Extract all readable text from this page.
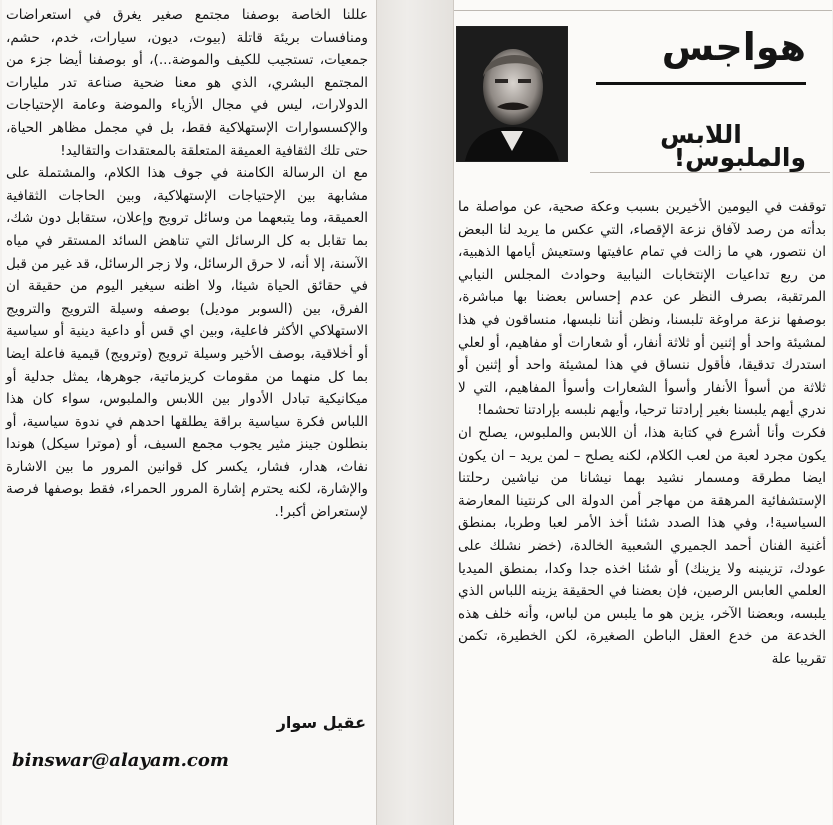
عللنا الخاصة بوصفنا مجتمع صغير يغرق في استعراضات ومنافسات بريئة قاتلة (بيوت، ديون، سيارات، خدم، حشم، جمعيات، تستجيب للكيف والموضة...)، أو بوصفنا أيضا جزء من المجتمع البشري، الذي هو معنا ضحية صناعة تدر مليارات الدولارات، ليس في مجال الأزياء والموضة وعامة الإحتياجات والإكسسوارات الإستهلاكية فقط، بل في مجمل مظاهر الحياة، حتى تلك الثقافية العميقة المتعلقة بالمعتقدات والتقاليد!

مع ان الرسالة الكامنة في جوف هذا الكلام، والمشتملة على مشابهة بين الإحتياجات الإستهلاكية، وبين الحاجات الثقافية العميقة، وما يتبعهما من وسائل ترويج وإعلان، ستقابل دون شك، بما تقابل به كل الرسائل التي تناهض السائد المستقر في مياه الآسنة، إلا أنه، لا حرق الرسائل، ولا زجر الرسائل، قد غير من قبل في حقائق الحياة شيئا، ولا اظنه سيغير اليوم من حقيقة ان الفرق، بين (السوبر موديل) بوصفه وسيلة الترويج والترويج الاستهلاكي الأكثر فاعلية، وبين اي قس أو داعية دينية أو سياسية أو أخلاقية، بوصف الأخير وسيلة ترويج (وترويج) قيمية فاعلة ايضا بما كل منهما من مقومات كريزماتية، جوهرها، يمثل جدلية أو ميكانيكية تبادل الأدوار بين اللابس والملبوس، سواء كان هذا اللباس فكرة سياسية براقة يطلقها احدهم في ندوة سياسية، أو بنطلون جينز مثير يجوب مجمع السيف، أو (موترا سيكل) هوندا نفاث، هدار، فشار، يكسر كل قوانين المرور ما بين الاشارة والإشارة، لكنه يحترم إشارة المرور الحمراء، فقط بوصفها فرصة لإستعراض أكبر!.

عقيل سوار
binswar@alayam.com
هواجس
اللابس والملبوس!

توقفت في اليومين الأخيرين بسبب وعكة صحية، عن مواصلة ما بدأته من رصد لآفاق نزعة الإقصاء، التي عكس ما يريد لنا البعض ان نتصور، هي ما زالت في تمام عافيتها وستعيش أيامها الذهبية، من ريع تداعيات الإنتخابات النيابية وحوادث المجلس النيابي المرتقبة، بصرف النظر عن عدم إحساس بعضنا بها مباشرة، بوصفها نزعة مراوغة تلبسنا، ونظن أننا نلبسها، منساقون في هذا لمشيئة واحد أو إثنين أو ثلاثة أنفار، أو شعارات أو مفاهيم، أو لعلي استدرك تدقيقا، فأقول ننساق في هذا لمشيئة واحد أو إثنين أو ثلاثة من أسوأ الأنفار وأسوأ الشعارات وأسوأ المفاهيم، التي لا ندري أيهم يلبسنا بغير إرادتنا ترحيا، وأيهم نلبسه بإرادتنا تحشما!

فكرت وأنا أشرع في كتابة هذا، أن اللابس والملبوس، يصلح ان يكون مجرد لعبة من لعب الكلام، لكنه يصلح – لمن يريد – ان يكون ايضا مطرقة ومسمار نشيد بهما نيشانا من نياشين رحلتنا الإستشفائية المرهقة من مهاجر أمن الدولة الى كرنتينا المعارضة السياسية!، وفي هذا الصدد شئنا أخذ الأمر لعبا وطربا، بمنطق أغنية الفنان أحمد الجميري الشعبية الخالدة، (خضر نشلك على عودك، تزينينه ولا يزينك) أو شئنا اخذه جدا وكدا، بمنطق الميديا العلمي العابس الرصين، فإن بعضنا في الحقيقة يزينه اللباس الذي يلبسه، وبعضنا الآخر، يزين هو ما يلبس من لباس، وأنه خلف هذه الخدعة من خدع العقل الباطن الصغيرة، لكن الخطيرة، تكمن تقريبا علة
